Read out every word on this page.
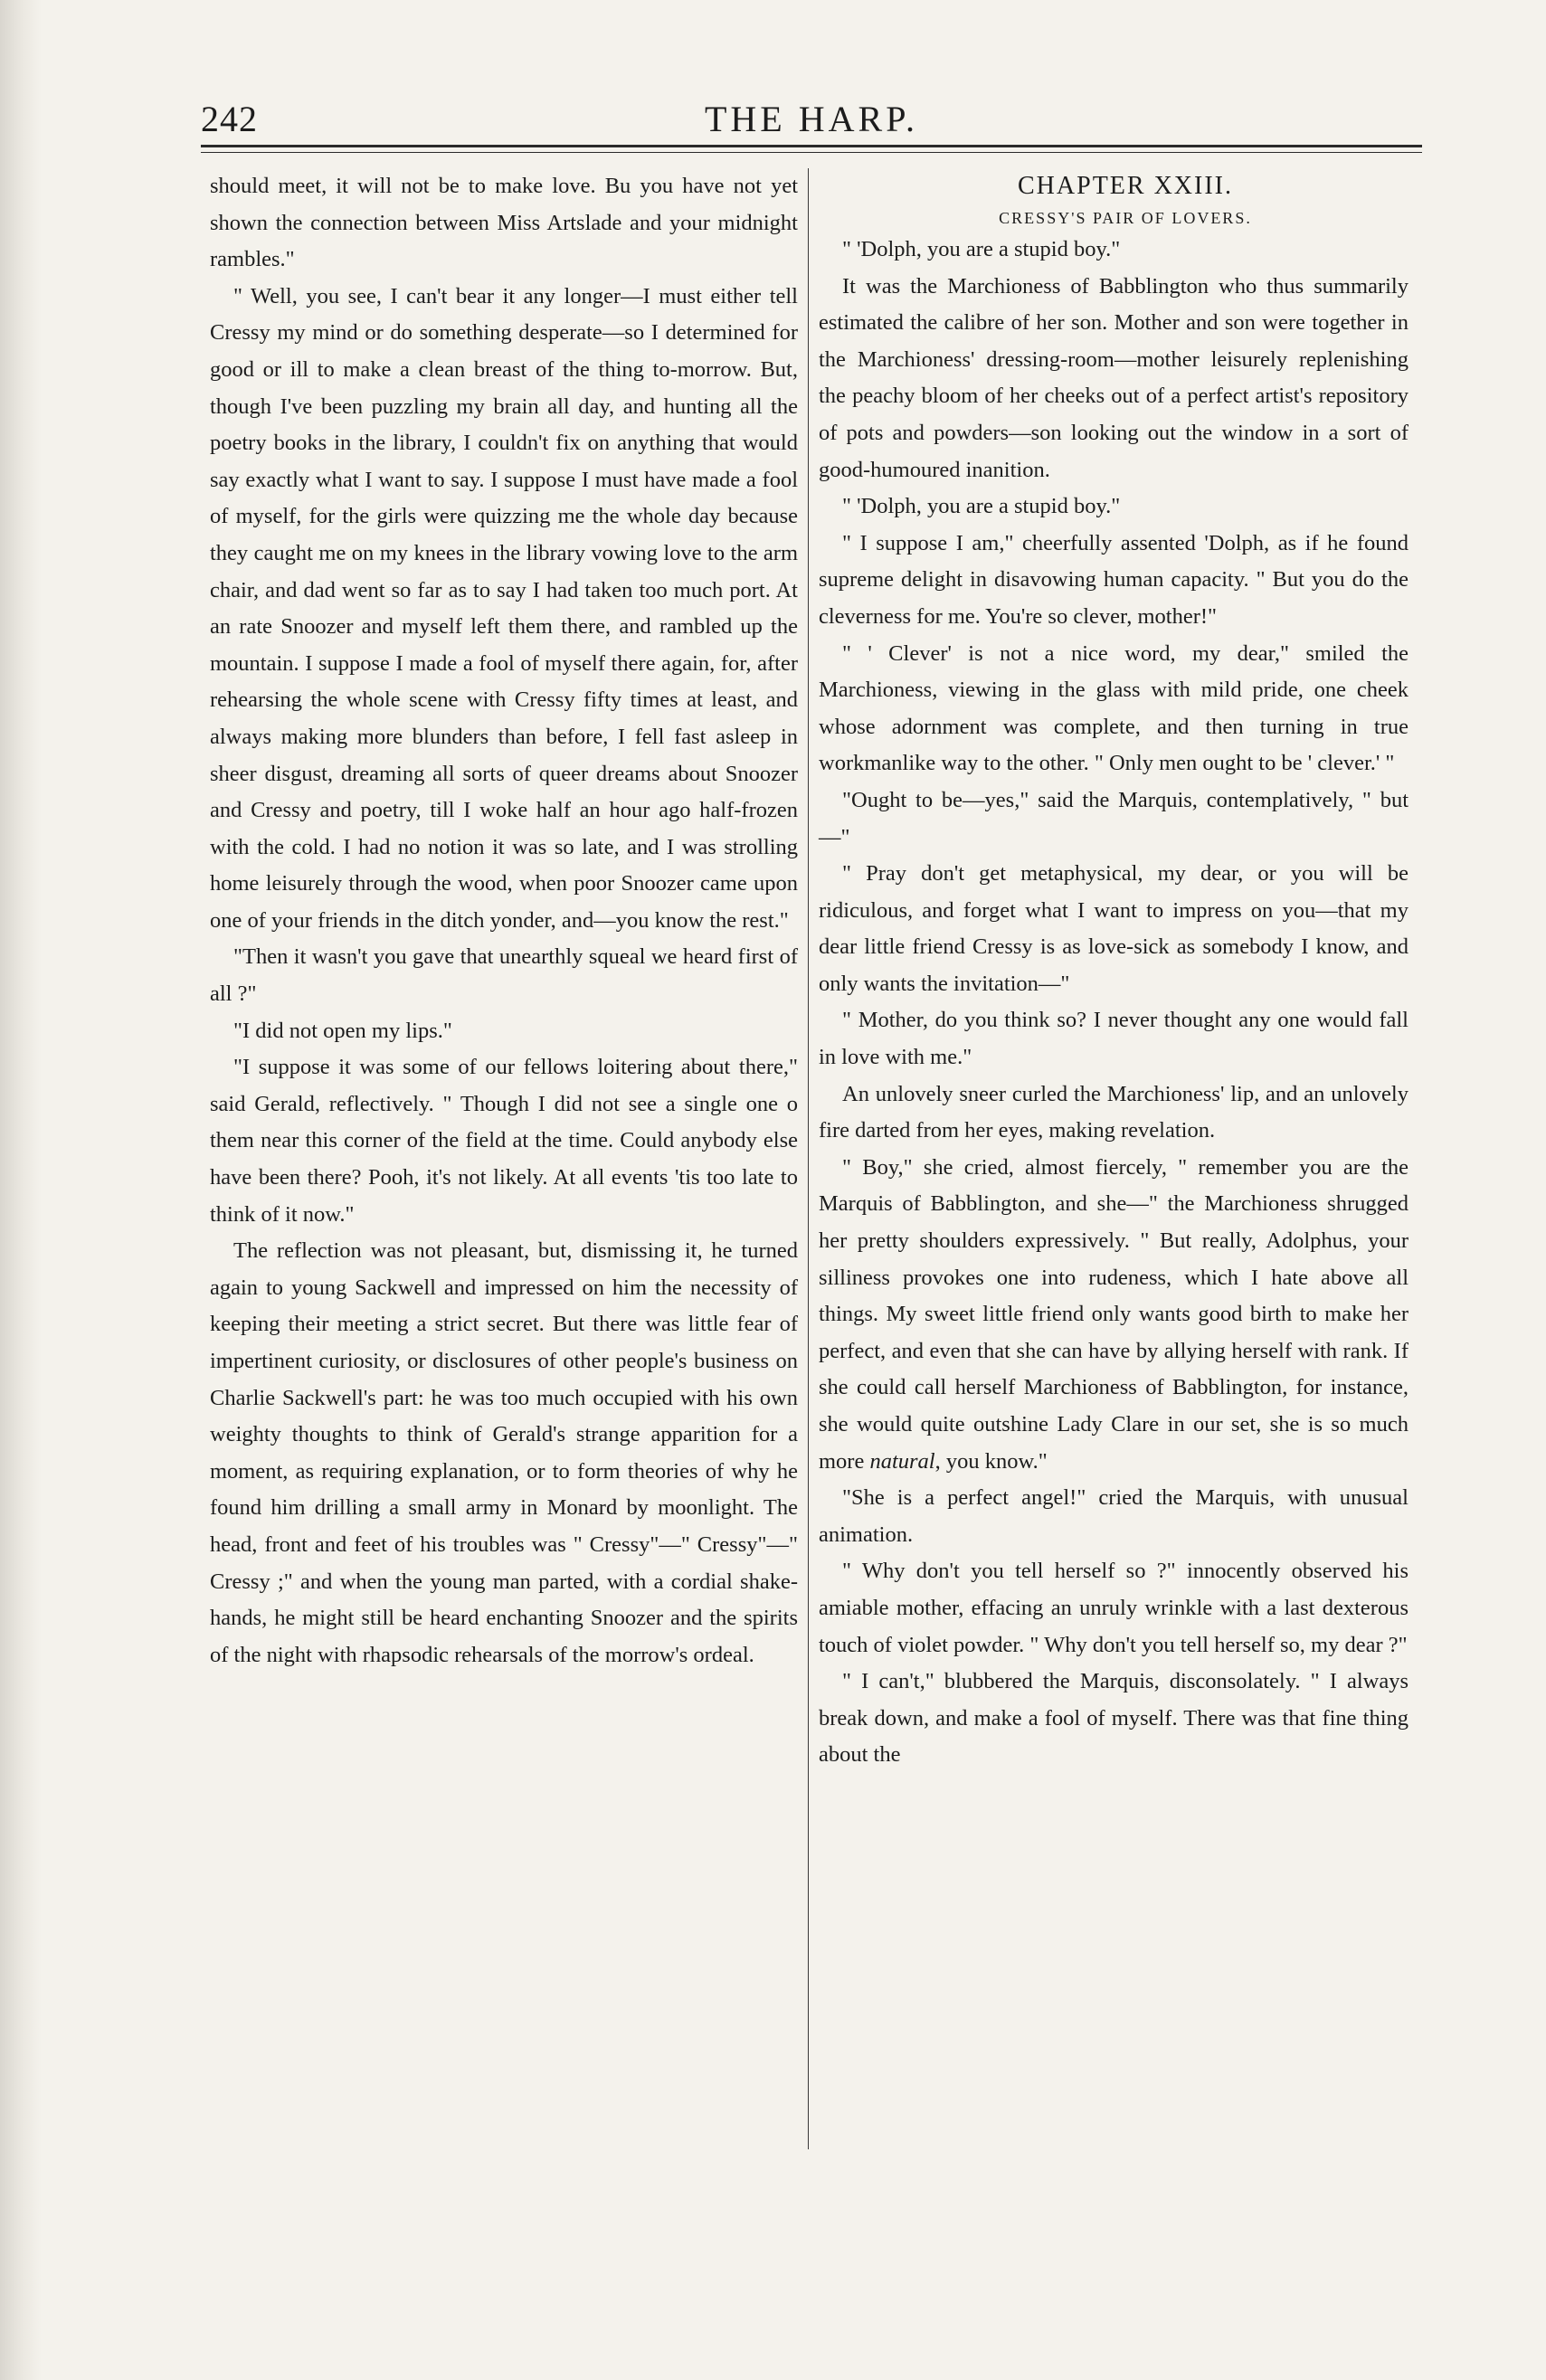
242	THE HARP.

should meet, it will not be to make love. Bu you have not yet shown the connection between Miss Artslade and your midnight rambles."

" Well, you see, I can't bear it any longer—I must either tell Cressy my mind or do something desperate—so I determined for good or ill to make a clean breast of the thing to-morrow. But, though I've been puzzling my brain all day, and hunting all the poetry books in the library, I couldn't fix on anything that would say exactly what I want to say. I suppose I must have made a fool of myself, for the girls were quizzing me the whole day because they caught me on my knees in the library vowing love to the arm chair, and dad went so far as to say I had taken too much port. At an rate Snoozer and myself left them there, and rambled up the mountain. I suppose I made a fool of myself there again, for, after rehearsing the whole scene with Cressy fifty times at least, and always making more blunders than before, I fell fast asleep in sheer disgust, dreaming all sorts of queer dreams about Snoozer and Cressy and poetry, till I woke half an hour ago half-frozen with the cold. I had no notion it was so late, and I was strolling home leisurely through the wood, when poor Snoozer came upon one of your friends in the ditch yonder, and—you know the rest."

"Then it wasn't you gave that unearthly squeal we heard first of all ?"

"I did not open my lips."

"I suppose it was some of our fellows loitering about there," said Gerald, reflectively. " Though I did not see a single one o them near this corner of the field at the time. Could anybody else have been there? Pooh, it's not likely. At all events 'tis too late to think of it now."

The reflection was not pleasant, but, dismissing it, he turned again to young Sackwell and impressed on him the necessity of keeping their meeting a strict secret. But there was little fear of impertinent curiosity, or disclosures of other people's business on Charlie Sackwell's part: he was too much occupied with his own weighty thoughts to think of Gerald's strange apparition for a moment, as requiring explanation, or to form theories of why he found him drilling a small army in Monard by moonlight. The head, front and feet of his troubles was " Cressy"—" Cressy"—" Cressy ;" and when the young man parted, with a cordial shake-hands, he might still be heard enchanting Snoozer and the spirits of the night with rhapsodic rehearsals of the morrow's ordeal.

CHAPTER XXIII.

CRESSY'S PAIR OF LOVERS.

" 'Dolph, you are a stupid boy."

It was the Marchioness of Babblington who thus summarily estimated the calibre of her son. Mother and son were together in the Marchioness' dressing-room—mother leisurely replenishing the peachy bloom of her cheeks out of a perfect artist's repository of pots and powders—son looking out the window in a sort of good-humoured inanition.

" 'Dolph, you are a stupid boy."

" I suppose I am," cheerfully assented 'Dolph, as if he found supreme delight in disavowing human capacity. " But you do the cleverness for me. You're so clever, mother!"

" ' Clever' is not a nice word, my dear," smiled the Marchioness, viewing in the glass with mild pride, one cheek whose adornment was complete, and then turning in true workmanlike way to the other. " Only men ought to be ' clever.' "

"Ought to be—yes," said the Marquis, contemplatively, " but—"

" Pray don't get metaphysical, my dear, or you will be ridiculous, and forget what I want to impress on you—that my dear little friend Cressy is as love-sick as somebody I know, and only wants the invitation—"

" Mother, do you think so? I never thought any one would fall in love with me."

An unlovely sneer curled the Marchioness' lip, and an unlovely fire darted from her eyes, making revelation.

" Boy," she cried, almost fiercely, " remember you are the Marquis of Babblington, and she—" the Marchioness shrugged her pretty shoulders expressively. " But really, Adolphus, your silliness provokes one into rudeness, which I hate above all things. My sweet little friend only wants good birth to make her perfect, and even that she can have by allying herself with rank. If she could call herself Marchioness of Babblington, for instance, she would quite outshine Lady Clare in our set, she is so much more natural, you know."

"She is a perfect angel!" cried the Marquis, with unusual animation.

" Why don't you tell herself so ?" innocently observed his amiable mother, effacing an unruly wrinkle with a last dexterous touch of violet powder. " Why don't you tell herself so, my dear ?"

" I can't," blubbered the Marquis, disconsolately. " I always break down, and make a fool of myself. There was that fine thing about the
